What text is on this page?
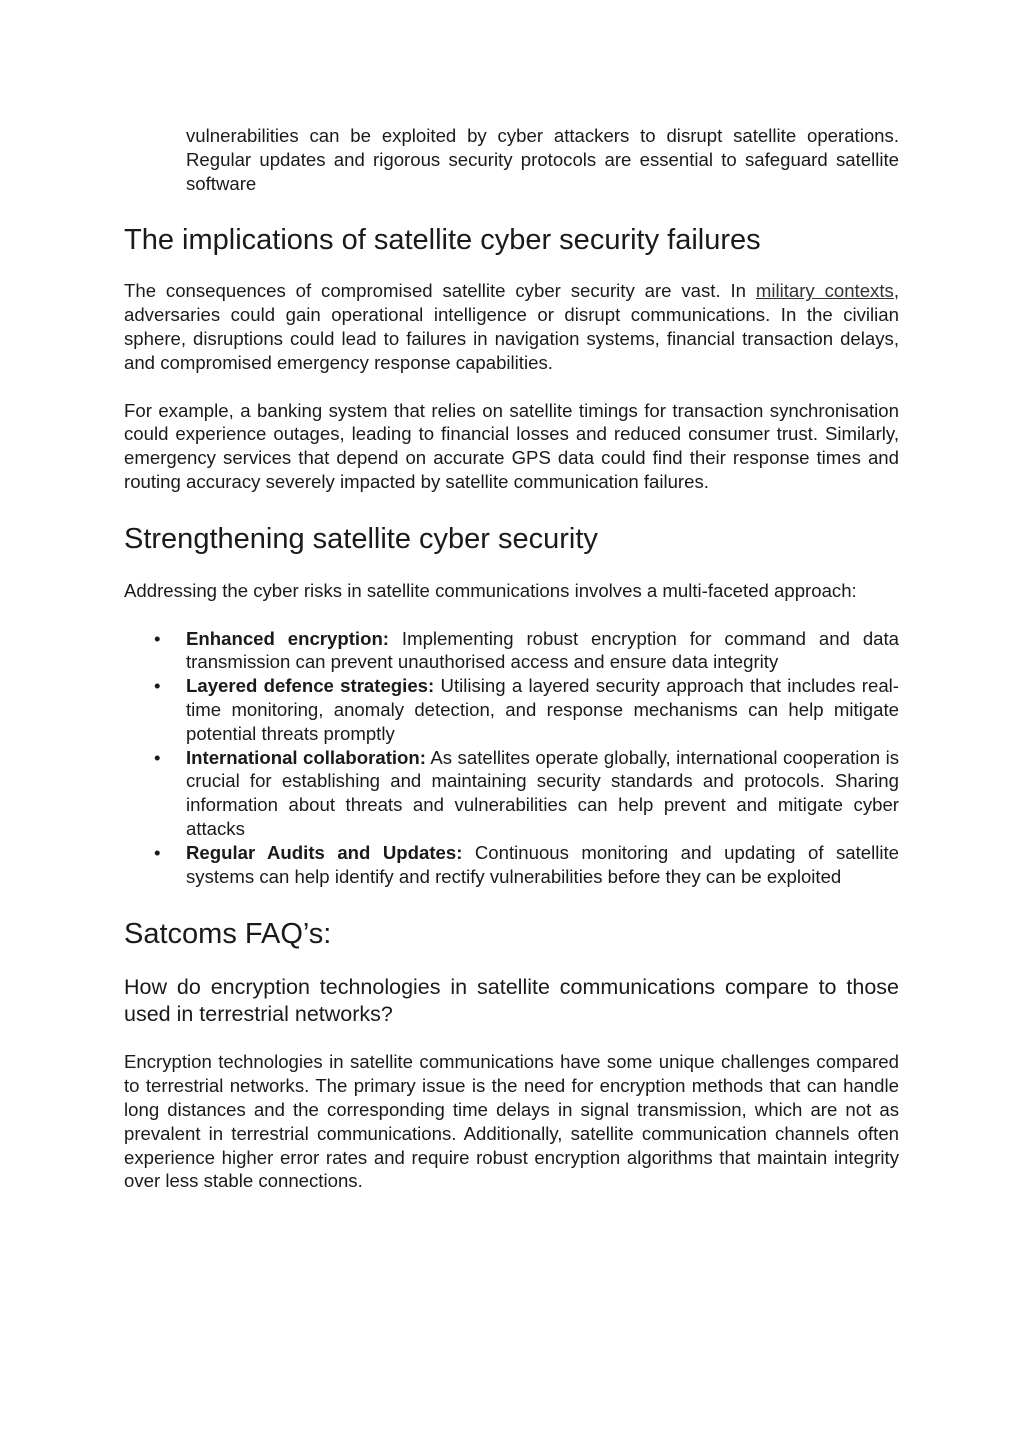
vulnerabilities can be exploited by cyber attackers to disrupt satellite operations. Regular updates and rigorous security protocols are essential to safeguard satellite software

The implications of satellite cyber security failures

The consequences of compromised satellite cyber security are vast. In military contexts, adversaries could gain operational intelligence or disrupt communications. In the civilian sphere, disruptions could lead to failures in navigation systems, financial transaction delays, and compromised emergency response capabilities.

For example, a banking system that relies on satellite timings for transaction synchronisation could experience outages, leading to financial losses and reduced consumer trust. Similarly, emergency services that depend on accurate GPS data could find their response times and routing accuracy severely impacted by satellite communication failures.

Strengthening satellite cyber security

Addressing the cyber risks in satellite communications involves a multi-faceted approach:

• Enhanced encryption: Implementing robust encryption for command and data transmission can prevent unauthorised access and ensure data integrity
• Layered defence strategies: Utilising a layered security approach that includes real-time monitoring, anomaly detection, and response mechanisms can help mitigate potential threats promptly
• International collaboration: As satellites operate globally, international cooperation is crucial for establishing and maintaining security standards and protocols. Sharing information about threats and vulnerabilities can help prevent and mitigate cyber attacks
• Regular Audits and Updates: Continuous monitoring and updating of satellite systems can help identify and rectify vulnerabilities before they can be exploited
Satcoms FAQ’s:
How do encryption technologies in satellite communications compare to those used in terrestrial networks?

Encryption technologies in satellite communications have some unique challenges compared to terrestrial networks. The primary issue is the need for encryption methods that can handle long distances and the corresponding time delays in signal transmission, which are not as prevalent in terrestrial communications. Additionally, satellite communication channels often experience higher error rates and require robust encryption algorithms that maintain integrity over less stable connections.
